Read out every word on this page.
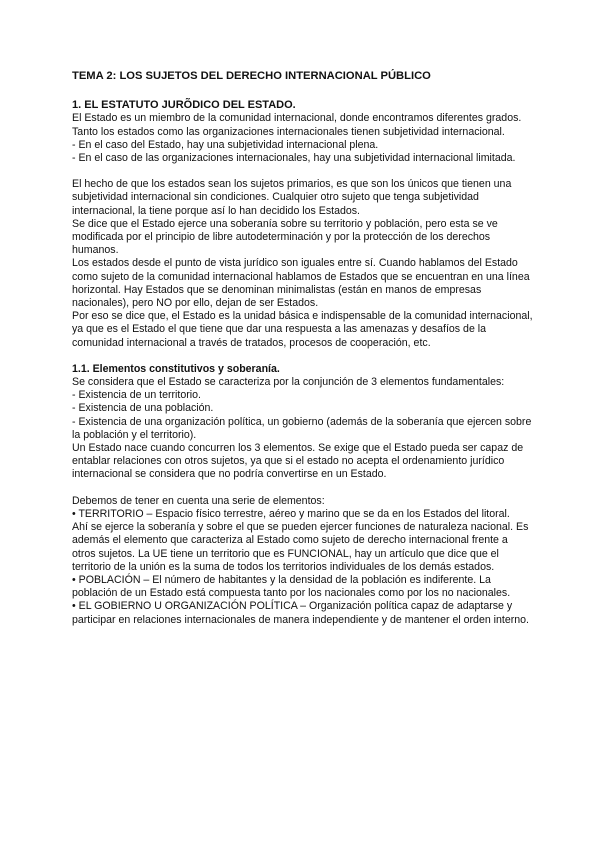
TEMA 2: LOS SUJETOS DEL DERECHO INTERNACIONAL PÚBLICO
1. EL ESTATUTO JURÕDICO DEL ESTADO.

El Estado es un miembro de la comunidad internacional, donde encontramos diferentes grados. Tanto los estados como las organizaciones internacionales tienen subjetividad internacional.

- En el caso del Estado, hay una subjetividad internacional plena.

- En el caso de las organizaciones internacionales, hay una subjetividad internacional limitada.

El hecho de que los estados sean los sujetos primarios, es que son los únicos que tienen una subjetividad internacional sin condiciones. Cualquier otro sujeto que tenga subjetividad internacional, la tiene porque así lo han decidido los Estados.

Se dice que el Estado ejerce una soberanía sobre su territorio y población, pero esta se ve modificada por el principio de libre autodeterminación y por la protección de los derechos humanos.

Los estados desde el punto de vista jurídico son iguales entre sí. Cuando hablamos del Estado como sujeto de la comunidad internacional hablamos de Estados que se encuentran en una línea horizontal. Hay Estados que se denominan minimalistas (están en manos de empresas nacionales), pero NO por ello, dejan de ser Estados.

Por eso se dice que, el Estado es la unidad básica e indispensable de la comunidad internacional, ya que es el Estado el que tiene que dar una respuesta a las amenazas y desafíos de la comunidad internacional a través de tratados, procesos de cooperación, etc.

1.1. Elementos constitutivos y soberanía.

Se considera que el Estado se caracteriza por la conjunción de 3 elementos fundamentales:

- Existencia de un territorio.

- Existencia de una población.

- Existencia de una organización política, un gobierno (además de la soberanía que ejercen sobre la población y el territorio).

Un Estado nace cuando concurren los 3 elementos. Se exige que el Estado pueda ser capaz de entablar relaciones con otros sujetos, ya que si el estado no acepta el ordenamiento jurídico internacional se considera que no podría convertirse en un Estado.

Debemos de tener en cuenta una serie de elementos:

• TERRITORIO – Espacio físico terrestre, aéreo y marino que se da en los Estados del litoral.

Ahí se ejerce la soberanía y sobre el que se pueden ejercer funciones de naturaleza nacional. Es además el elemento que caracteriza al Estado como sujeto de derecho internacional frente a otros sujetos. La UE tiene un territorio que es FUNCIONAL, hay un artículo que dice que el territorio de la unión es la suma de todos los territorios individuales de los demás estados.

• POBLACIÓN – El número de habitantes y la densidad de la población es indiferente. La población de un Estado está compuesta tanto por los nacionales como por los no nacionales.

• EL GOBIERNO U ORGANIZACIÓN POLÍTICA – Organización política capaz de adaptarse y participar en relaciones internacionales de manera independiente y de mantener el orden interno.
